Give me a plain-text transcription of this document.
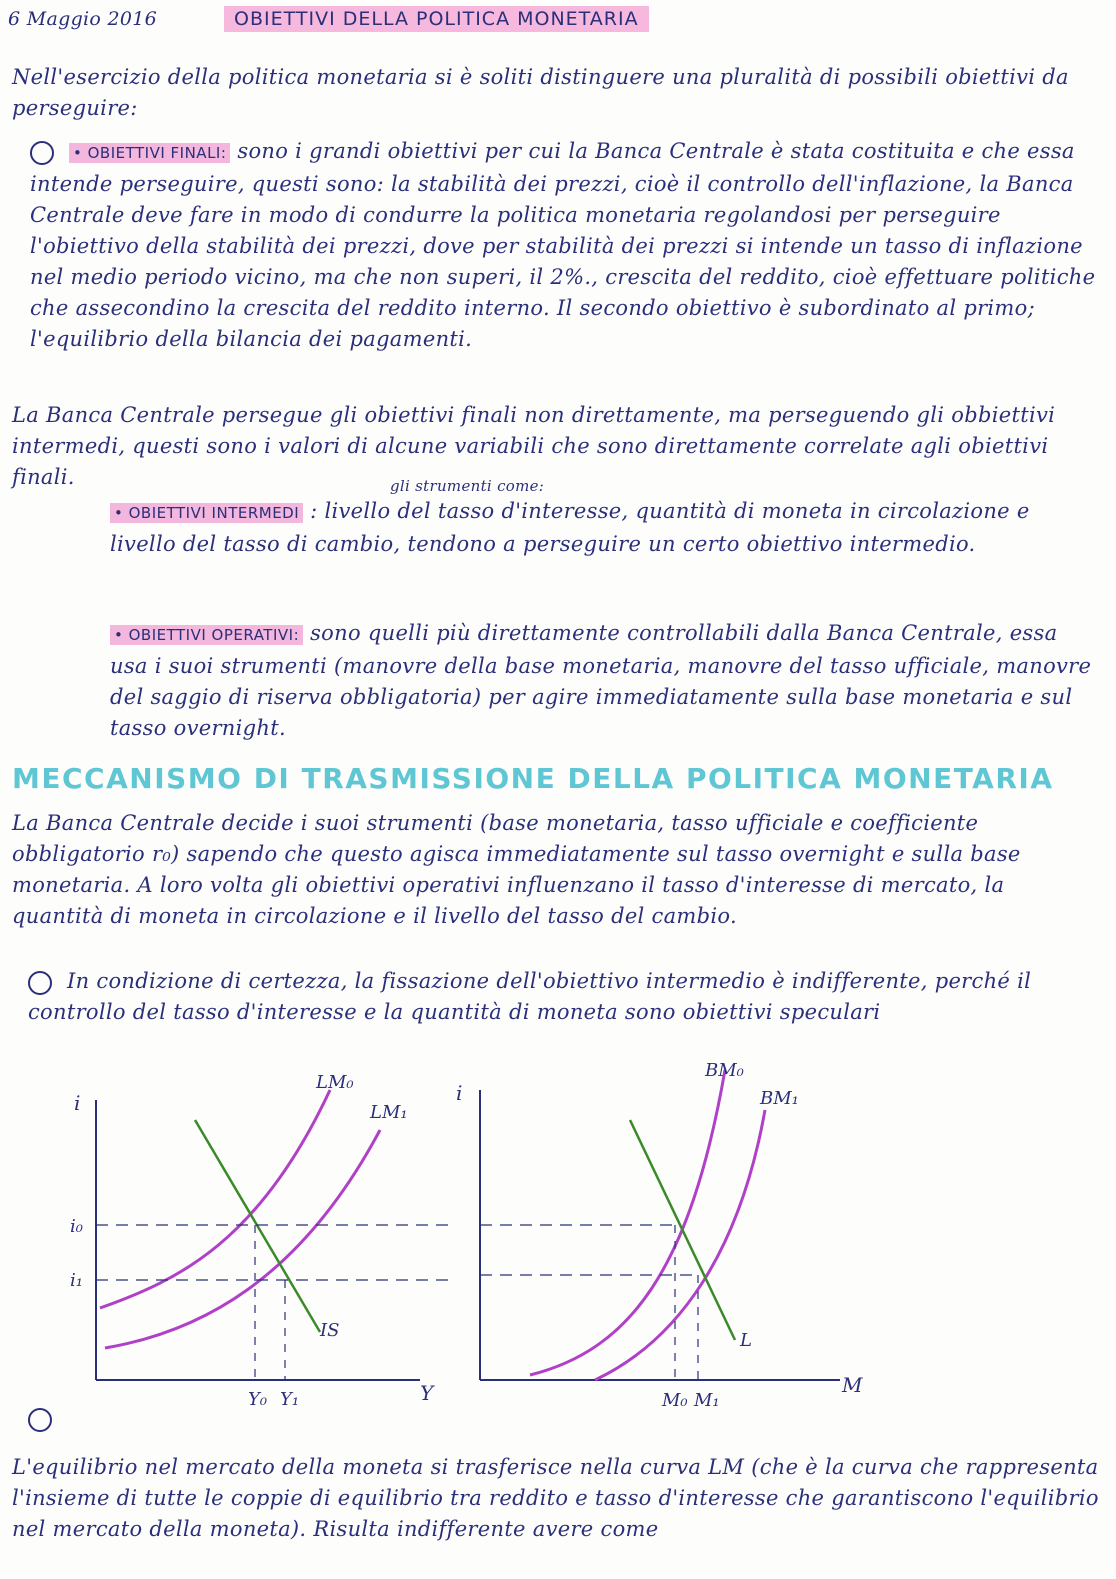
6 Maggio 2016	OBIETTIVI DELLA POLITICA MONETARIA
Nell'esercizio della politica monetaria si è soliti distinguere una pluralità di possibili obiettivi da perseguire:
• OBIETTIVI FINALI: sono i grandi obiettivi per cui la Banca Centrale è stata costituita e che essa intende perseguire, questi sono: la stabilità dei prezzi, cioè il controllo dell'inflazione, la Banca Centrale deve fare in modo di condurre la politica monetaria regolandosi per perseguire l'obiettivo della stabilità dei prezzi, dove per stabilità dei prezzi si intende un tasso di inflazione nel medio periodo vicino, ma che non superi, il 2%., crescita del reddito, cioè effettuare politiche che assecondino la crescita del reddito interno. Il secondo obiettivo è subordinato al primo; l'equilibrio della bilancia dei pagamenti.
La Banca Centrale persegue gli obiettivi finali non direttamente, ma perseguendo gli obbiettivi intermedi, questi sono i valori di alcune variabili che sono direttamente correlate agli obiettivi finali.	gli strumenti come:
• OBIETTIVI INTERMEDI : livello del tasso d'interesse, quantità di moneta in circolazione e livello del tasso di cambio, tendono a perseguire un certo obiettivo intermedio.
• OBIETTIVI OPERATIVI: sono quelli più direttamente controllabili dalla Banca Centrale, essa usa i suoi strumenti (manovre della base monetaria, manovre del tasso ufficiale, manovre del saggio di riserva obbligatoria) per agire immediatamente sulla base monetaria e sul tasso overnight.
MECCANISMO DI TRASMISSIONE DELLA POLITICA MONETARIA
La Banca Centrale decide i suoi strumenti (base monetaria, tasso ufficiale e coefficiente obbligatorio r₀) sapendo che questo agisca immediatamente sul tasso overnight e sulla base monetaria. A loro volta gli obiettivi operativi influenzano il tasso d'interesse di mercato, la quantità di moneta in circolazione e il livello del tasso del cambio.
In condizione di certezza, la fissazione dell'obiettivo intermedio è indifferente, perché il controllo del tasso d'interesse e la quantità di moneta sono obiettivi speculari
i
Y
LM₀
LM₁
IS
i₀
i₁
Y₀ Y₁
i
M
BM₀
BM₁
L
M₀ M₁
L'equilibrio nel mercato della moneta si trasferisce nella curva LM (che è la curva che rappresenta l'insieme di tutte le coppie di equilibrio tra reddito e tasso d'interesse che garantiscono l'equilibrio nel mercato della moneta). Risulta indifferente avere come
